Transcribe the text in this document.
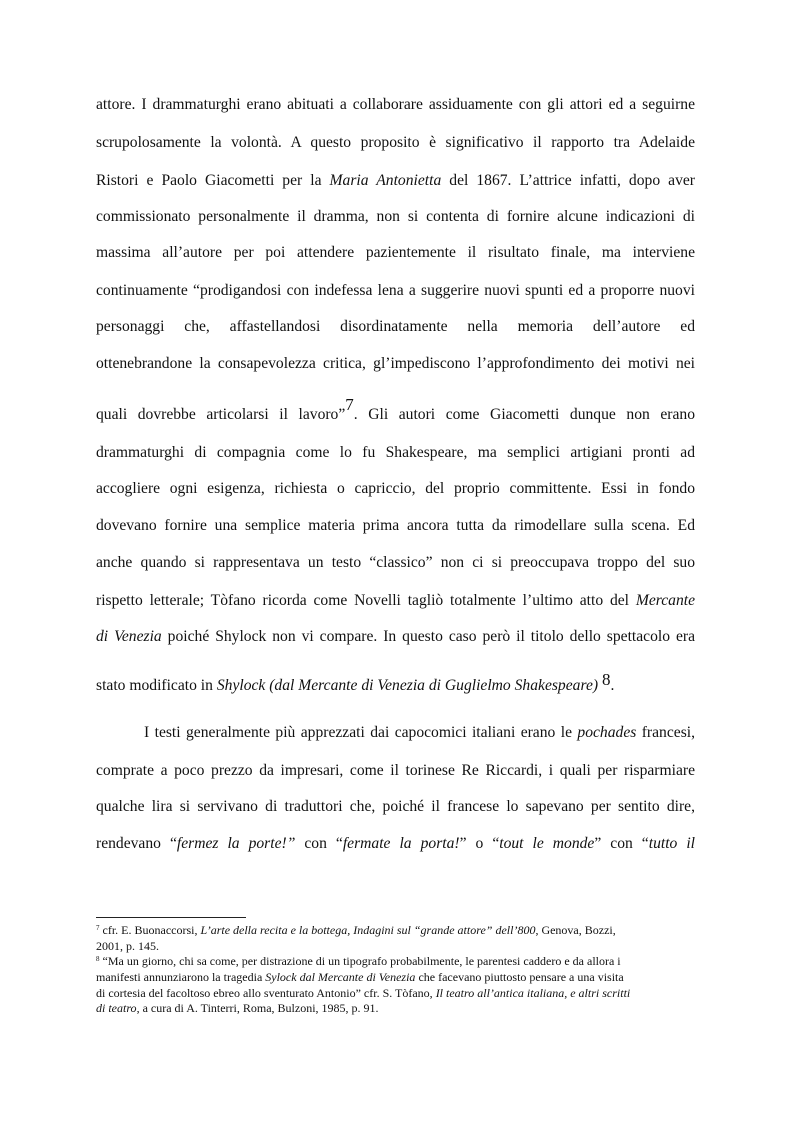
attore. I drammaturghi erano abituati a collaborare assiduamente con gli attori ed a seguirne
scrupolosamente la volontà. A questo proposito è significativo il rapporto tra Adelaide
Ristori e Paolo Giacometti per la Maria Antonietta del 1867. L’attrice infatti, dopo aver
commissionato personalmente il dramma, non si contenta di fornire alcune indicazioni di
massima all’autore per poi attendere pazientemente il risultato finale, ma interviene
continuamente “prodigandosi con indefessa lena a suggerire nuovi spunti ed a proporre nuovi
personaggi che, affastellandosi disordinatamente nella memoria dell’autore ed
ottenebrandone la consapevolezza critica, gl’impediscono l’approfondimento dei motivi nei
quali dovrebbe articolarsi il lavoro”7. Gli autori come Giacometti dunque non erano
drammaturghi di compagnia come lo fu Shakespeare, ma semplici artigiani pronti ad
accogliere ogni esigenza, richiesta o capriccio, del proprio committente. Essi in fondo
dovevano fornire una semplice materia prima ancora tutta da rimodellare sulla scena. Ed
anche quando si rappresentava un testo “classico” non ci si preoccupava troppo del suo
rispetto letterale; Tòfano ricorda come Novelli tagliò totalmente l’ultimo atto del Mercante
di Venezia poiché Shylock non vi compare. In questo caso però il titolo dello spettacolo era
stato modificato in Shylock (dal Mercante di Venezia di Guglielmo Shakespeare) 8.
I testi generalmente più apprezzati dai capocomici italiani erano le pochades francesi,
comprate a poco prezzo da impresari, come il torinese Re Riccardi, i quali per risparmiare
qualche lira si servivano di traduttori che, poiché il francese lo sapevano per sentito dire,
rendevano “fermez la porte!” con “fermate la porta!” o “tout le monde” con “tutto il
$^7$ cfr. E. Buonaccorsi, L’arte della recita e la bottega, Indagini sul “grande attore” dell’800, Genova, Bozzi,
2001, p. 145.
$^8$ “Ma un giorno, chi sa come, per distrazione di un tipografo probabilmente, le parentesi caddero e da allora i
manifesti annunziarono la tragedia Sylock dal Mercante di Venezia che facevano piuttosto pensare a una visita
di cortesia del facoltoso ebreo allo sventurato Antonio” cfr. S. Tòfano, Il teatro all’antica italiana, e altri scritti
di teatro, a cura di A. Tinterri, Roma, Bulzoni, 1985, p. 91.
